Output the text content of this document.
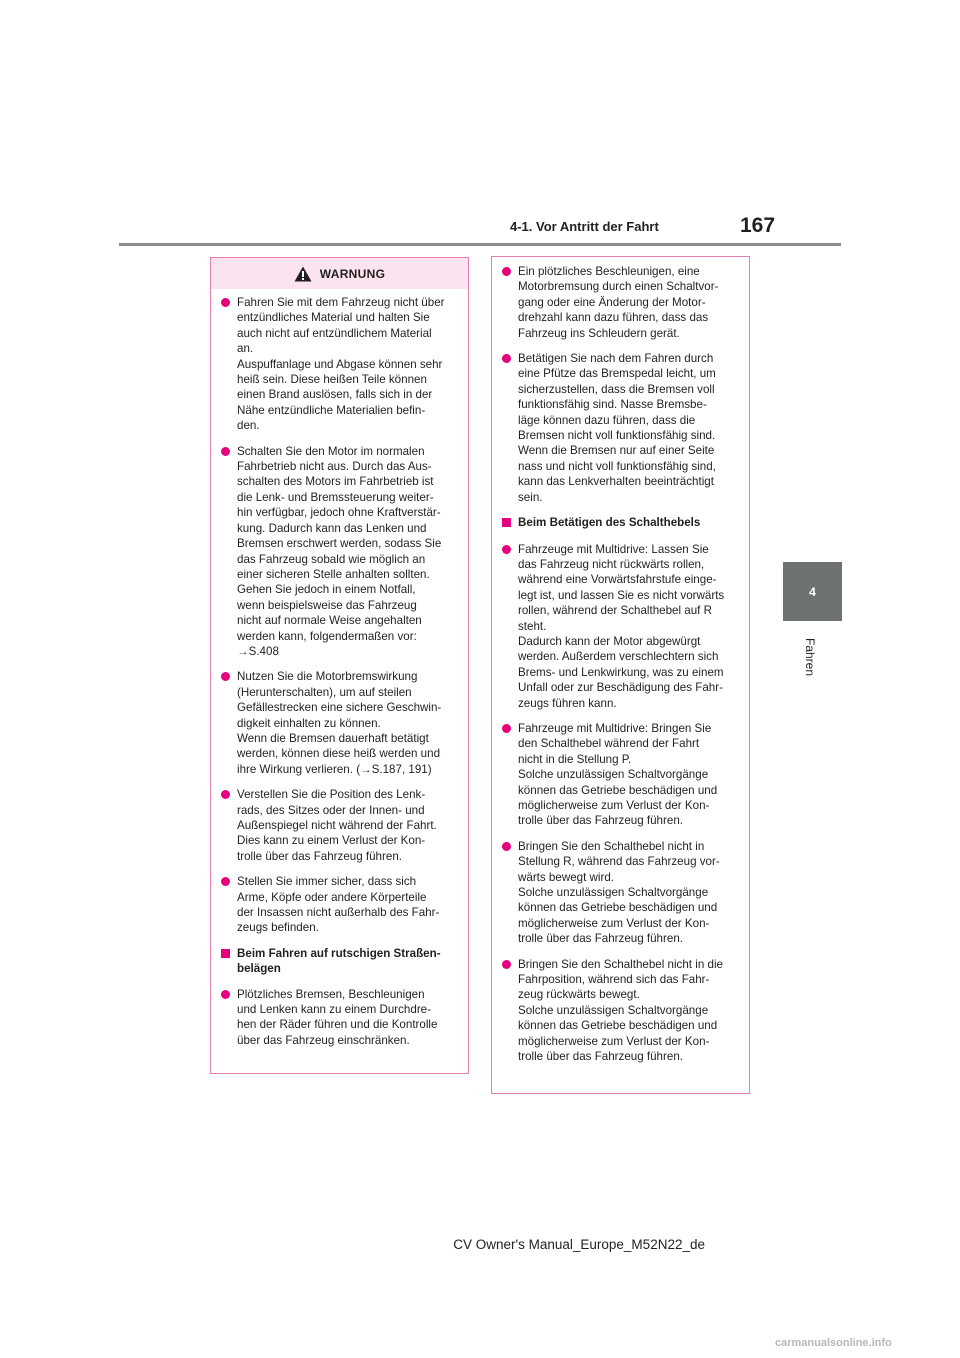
4-1. Vor Antritt der Fahrt	167
4
Fahren
WARNUNG
Fahren Sie mit dem Fahrzeug nicht über
entzündliches Material und halten Sie
auch nicht auf entzündlichem Material
an.
Auspuffanlage und Abgase können sehr
heiß sein. Diese heißen Teile können
einen Brand auslösen, falls sich in der
Nähe entzündliche Materialien befin-
den.
Schalten Sie den Motor im normalen
Fahrbetrieb nicht aus. Durch das Aus-
schalten des Motors im Fahrbetrieb ist
die Lenk- und Bremssteuerung weiter-
hin verfügbar, jedoch ohne Kraftverstär-
kung. Dadurch kann das Lenken und
Bremsen erschwert werden, sodass Sie
das Fahrzeug sobald wie möglich an
einer sicheren Stelle anhalten sollten.
Gehen Sie jedoch in einem Notfall,
wenn beispielsweise das Fahrzeug
nicht auf normale Weise angehalten
werden kann, folgendermaßen vor:
→S.408
Nutzen Sie die Motorbremswirkung
(Herunterschalten), um auf steilen
Gefällestrecken eine sichere Geschwin-
digkeit einhalten zu können.
Wenn die Bremsen dauerhaft betätigt
werden, können diese heiß werden und
ihre Wirkung verlieren. (→S.187, 191)
Verstellen Sie die Position des Lenk-
rads, des Sitzes oder der Innen- und
Außenspiegel nicht während der Fahrt.
Dies kann zu einem Verlust der Kon-
trolle über das Fahrzeug führen.
Stellen Sie immer sicher, dass sich
Arme, Köpfe oder andere Körperteile
der Insassen nicht außerhalb des Fahr-
zeugs befinden.
Beim Fahren auf rutschigen Straßen-
belägen
Plötzliches Bremsen, Beschleunigen
und Lenken kann zu einem Durchdre-
hen der Räder führen und die Kontrolle
über das Fahrzeug einschränken.
Ein plötzliches Beschleunigen, eine
Motorbremsung durch einen Schaltvor-
gang oder eine Änderung der Motor-
drehzahl kann dazu führen, dass das
Fahrzeug ins Schleudern gerät.
Betätigen Sie nach dem Fahren durch
eine Pfütze das Bremspedal leicht, um
sicherzustellen, dass die Bremsen voll
funktionsfähig sind. Nasse Bremsbe-
läge können dazu führen, dass die
Bremsen nicht voll funktionsfähig sind.
Wenn die Bremsen nur auf einer Seite
nass und nicht voll funktionsfähig sind,
kann das Lenkverhalten beeinträchtigt
sein.
Beim Betätigen des Schalthebels
Fahrzeuge mit Multidrive: Lassen Sie
das Fahrzeug nicht rückwärts rollen,
während eine Vorwärtsfahrstufe einge-
legt ist, und lassen Sie es nicht vorwärts
rollen, während der Schalthebel auf R
steht.
Dadurch kann der Motor abgewürgt
werden. Außerdem verschlechtern sich
Brems- und Lenkwirkung, was zu einem
Unfall oder zur Beschädigung des Fahr-
zeugs führen kann.
Fahrzeuge mit Multidrive: Bringen Sie
den Schalthebel während der Fahrt
nicht in die Stellung P.
Solche unzulässigen Schaltvorgänge
können das Getriebe beschädigen und
möglicherweise zum Verlust der Kon-
trolle über das Fahrzeug führen.
Bringen Sie den Schalthebel nicht in
Stellung R, während das Fahrzeug vor-
wärts bewegt wird.
Solche unzulässigen Schaltvorgänge
können das Getriebe beschädigen und
möglicherweise zum Verlust der Kon-
trolle über das Fahrzeug führen.
Bringen Sie den Schalthebel nicht in die
Fahrposition, während sich das Fahr-
zeug rückwärts bewegt.
Solche unzulässigen Schaltvorgänge
können das Getriebe beschädigen und
möglicherweise zum Verlust der Kon-
trolle über das Fahrzeug führen.
CV Owner's Manual_Europe_M52N22_de
carmanualsonline.info
